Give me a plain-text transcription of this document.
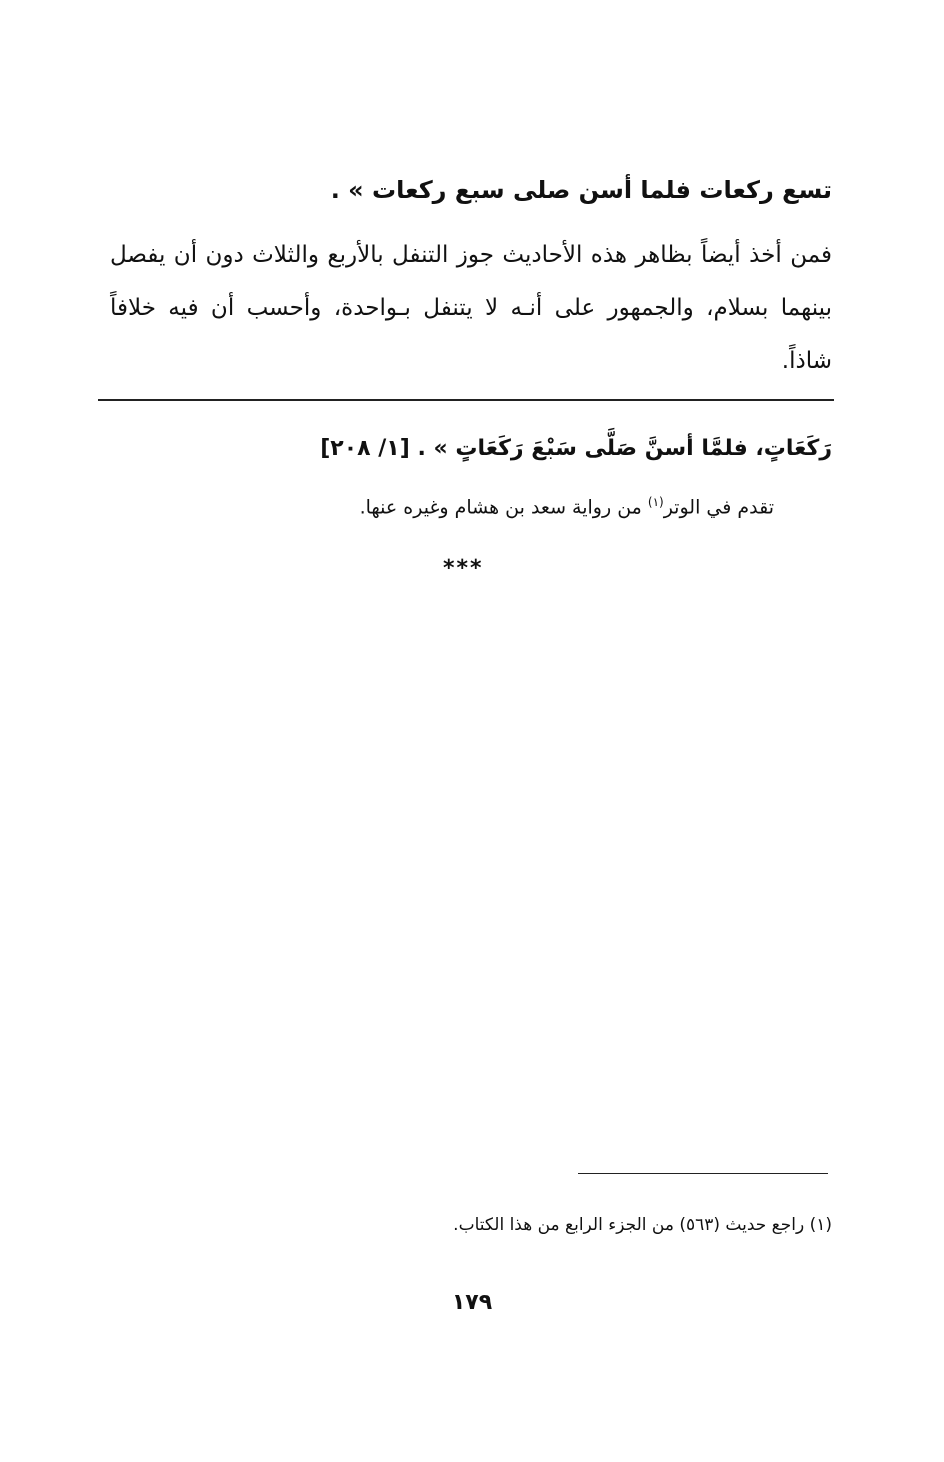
تسع ركعات فلما أسن صلى سبع ركعات » .
فمن أخذ أيضاً بظاهر هذه الأحاديث جوز التنفل بالأربع والثلاث دون أن يفصل بينهما بسلام، والجمهور على أنـه لا يتنفل بـواحدة، وأحسب أن فيه خلافاً شاذاً.
رَكَعَاتٍ، فلمَّا أسنَّ صَلَّى سَبْعَ رَكَعَاتٍ » . [١/ ٢٠٨]
تقدم في الوتر$^{(١)}$ من رواية سعد بن هشام وغيره عنها.
***
(١) راجع حديث (٥٦٣) من الجزء الرابع من هذا الكتاب.
١٧٩
